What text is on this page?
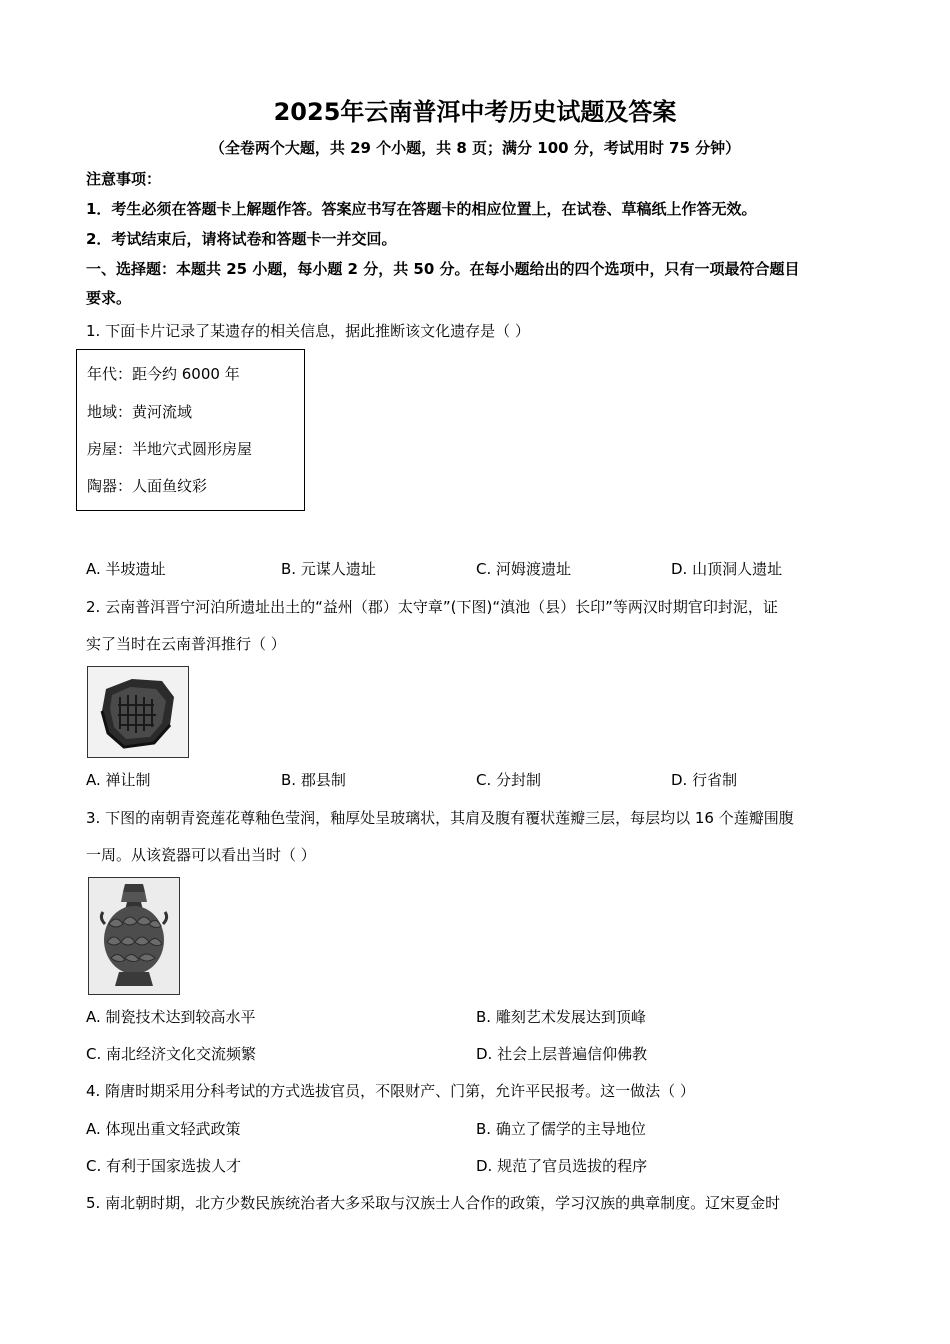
2025年云南普洱中考历史试题及答案
（全卷两个大题，共 29 个小题，共 8 页；满分 100 分，考试用时 75 分钟）
注意事项：
1．考生必须在答题卡上解题作答。答案应书写在答题卡的相应位置上，在试卷、草稿纸上作答无效。
2．考试结束后，请将试卷和答题卡一并交回。
一、选择题：本题共 25 小题，每小题 2 分，共 50 分。在每小题给出的四个选项中，只有一项最符合题目
要求。
1. 下面卡片记录了某遗存的相关信息，据此推断该文化遗存是（ ）
年代：距今约 6000 年
地域：黄河流域
房屋：半地穴式圆形房屋
陶器：人面鱼纹彩
A. 半坡遗址	B. 元谋人遗址	C. 河姆渡遗址	D. 山顶洞人遗址
2. 云南普洱晋宁河泊所遗址出土的“益州（郡）太守章”(下图)“滇池（县）长印”等两汉时期官印封泥，证
实了当时在云南普洱推行（ ）
A. 禅让制	B. 郡县制	C. 分封制	D. 行省制
3. 下图的南朝青瓷莲花尊釉色莹润，釉厚处呈玻璃状，其肩及腹有覆状莲瓣三层，每层均以 16 个莲瓣围腹
一周。从该瓷器可以看出当时（ ）
A. 制瓷技术达到较高水平	B. 雕刻艺术发展达到顶峰
C. 南北经济文化交流频繁	D. 社会上层普遍信仰佛教
4. 隋唐时期采用分科考试的方式选拔官员，不限财产、门第，允许平民报考。这一做法（ ）
A. 体现出重文轻武政策	B. 确立了儒学的主导地位
C. 有利于国家选拔人才	D. 规范了官员选拔的程序
5. 南北朝时期，北方少数民族统治者大多采取与汉族士人合作的政策，学习汉族的典章制度。辽宋夏金时
